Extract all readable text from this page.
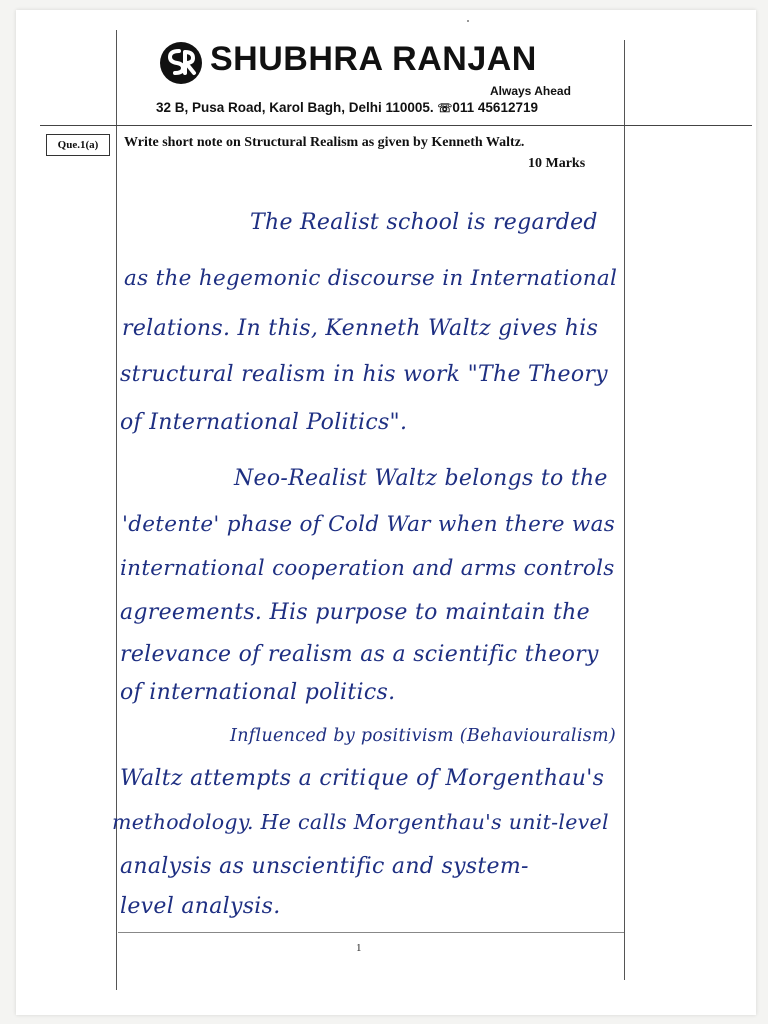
SHUBHRA RANJAN
Always Ahead
32 B, Pusa Road, Karol Bagh, Delhi 110005. ☏011 45612719
Que.1(a)	Write short note on Structural Realism as given by Kenneth Waltz.
10 Marks
The Realist school is regarded
as the hegemonic discourse in International
relations. In this, Kenneth Waltz gives his
structural realism in his work "The Theory
of International Politics".
Neo-Realist Waltz belongs to the
'detente' phase of Cold War when there was
international cooperation and arms controls
agreements. His purpose to maintain the
relevance of realism as a scientific theory
of international politics.
Influenced by positivism (Behaviouralism)
Waltz attempts a critique of Morgenthau's
methodology. He calls Morgenthau's unit-level
analysis as unscientific and system-
level analysis.
1
